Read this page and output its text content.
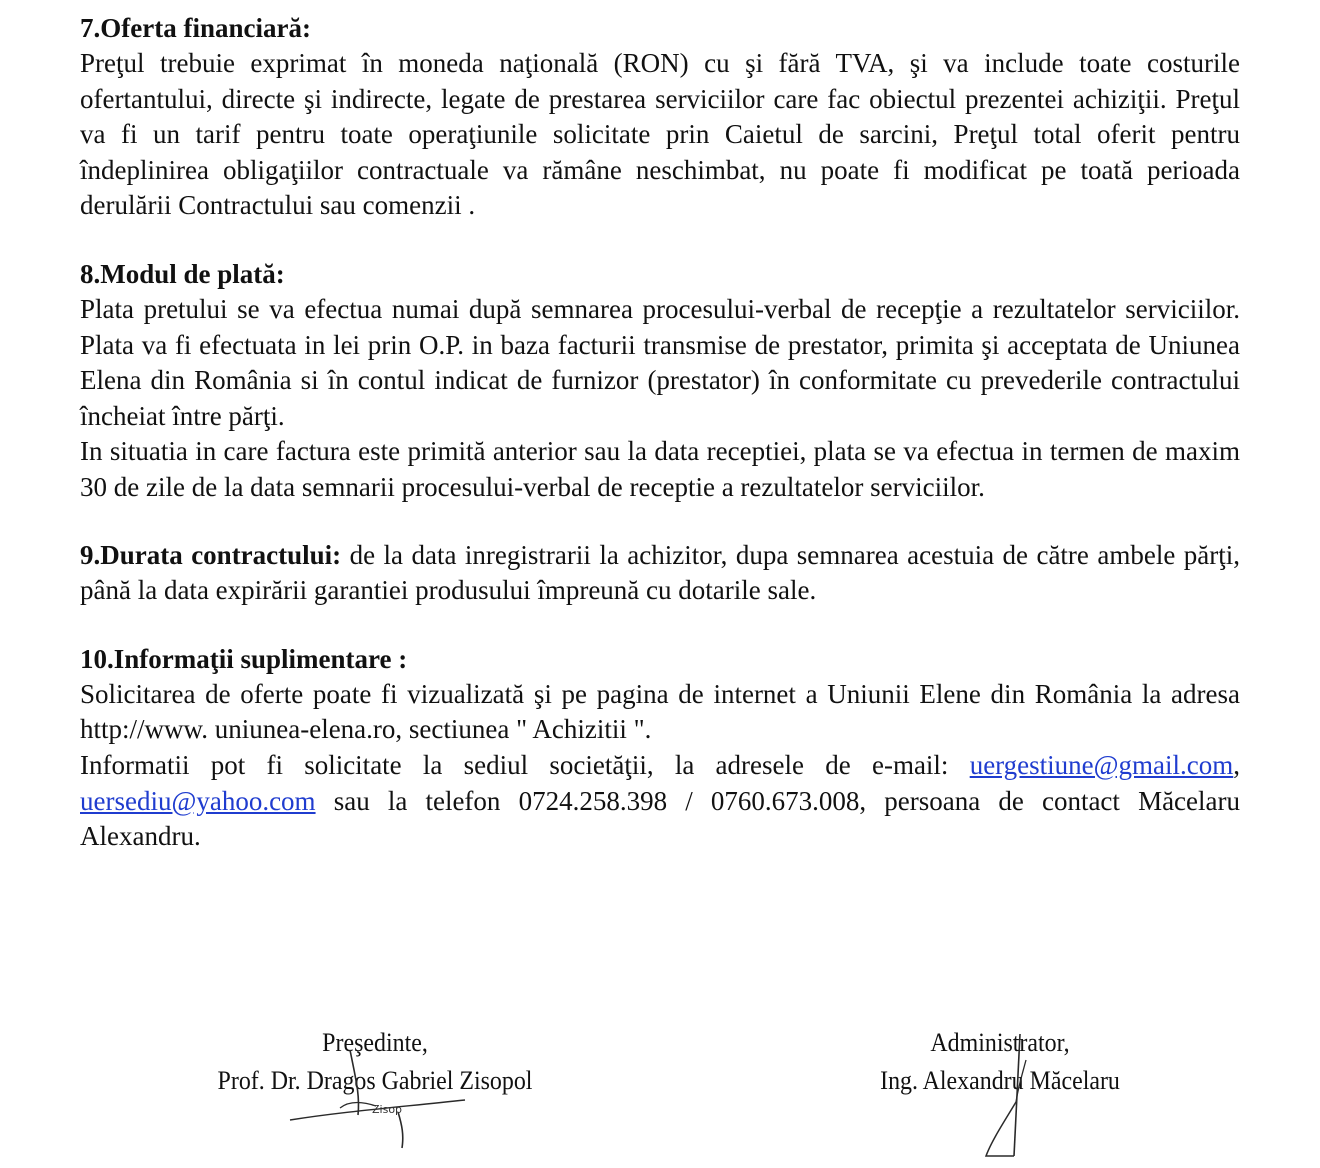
7.Oferta financiară:

Preţul trebuie exprimat în moneda naţională (RON) cu şi fără TVA, şi va include toate costurile ofertantului, directe şi indirecte, legate de prestarea serviciilor care fac obiectul prezentei achiziţii. Preţul va fi un tarif pentru toate operaţiunile solicitate prin Caietul de sarcini, Preţul total oferit pentru îndeplinirea obligaţiilor contractuale va rămâne neschimbat, nu poate fi modificat pe toată perioada derulării Contractului sau comenzii .

8.Modul de plată:

Plata pretului se va efectua numai după semnarea procesului-verbal de recepţie a rezultatelor serviciilor. Plata va fi efectuata in lei prin O.P. in baza facturii transmise de prestator, primita şi acceptata de Uniunea Elena din România si în contul indicat de furnizor (prestator) în conformitate cu prevederile contractului încheiat între părţi.

In situatia in care factura este primită anterior sau la data receptiei, plata se va efectua in termen de maxim 30 de zile de la data semnarii procesului-verbal de receptie a rezultatelor serviciilor.

9.Durata contractului: de la data inregistrarii la achizitor, dupa semnarea acestuia de către ambele părţi, până la data expirării garantiei produsului împreună cu dotarile sale.

10.Informaţii suplimentare :

Solicitarea de oferte poate fi vizualizată şi pe pagina de internet a Uniunii Elene din România la adresa http://www. uniunea-elena.ro, sectiunea " Achizitii ".

Informatii pot fi solicitate la sediul societăţii, la adresele de e-mail: uergestiune@gmail.com, uersediu@yahoo.com sau la telefon 0724.258.398 / 0760.673.008, persoana de contact Măcelaru Alexandru.

Preşedinte,
Prof. Dr. Dragos Gabriel Zisopol
Administrator,
Ing. Alexandru Măcelaru
Zisop
